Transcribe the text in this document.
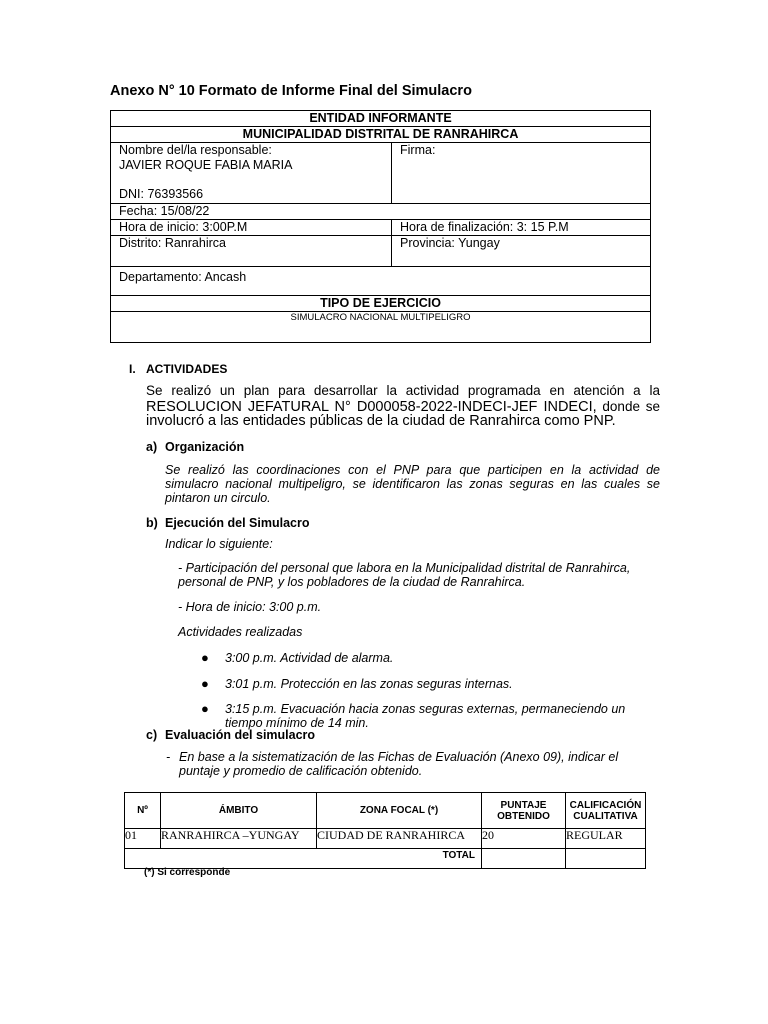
Anexo N° 10 Formato de Informe Final del Simulacro
ENTIDAD INFORMANTE	
MUNICIPALIDAD DISTRITAL DE RANRAHIRCA	

Nombre del/la responsable:
JAVIER ROQUE FABIA MARIA
DNI: 76393566	Firma:
Fecha: 15/08/22	
Hora de inicio: 3:00P.M	Hora de finalización: 3: 15 P.M
Distrito: Ranrahirca	Provincia: Yungay
Departamento: Ancash	
TIPO DE EJERCICIO	
SIMULACRO NACIONAL MULTIPELIGRO	
I. ACTIVIDADES
Se realizó un plan para desarrollar la actividad programada en atención a la
RESOLUCION JEFATURAL N° D000058-2022-INDECI-JEF INDECI, donde se
involucró a las entidades públicas de la ciudad de Ranrahirca como PNP.
a) Organización
Se realizó las coordinaciones con el PNP para que participen en la actividad de simulacro nacional multipeligro, se identificaron las zonas seguras en las cuales se pintaron un circulo.
b) Ejecución del Simulacro
Indicar lo siguiente:
- Participación del personal que labora en la Municipalidad distrital de Ranrahirca, personal de PNP, y los pobladores de la ciudad de Ranrahirca.
- Hora de inicio: 3:00 p.m.
Actividades realizadas
● 3:00 p.m. Actividad de alarma.
● 3:01 p.m. Protección en las zonas seguras internas.
● 3:15 p.m. Evacuación hacia zonas seguras externas, permaneciendo un tiempo mínimo de 14 min.
c) Evaluación del simulacro
- En base a la sistematización de las Fichas de Evaluación (Anexo 09), indicar el puntaje y promedio de calificación obtenido.
Nº	ÁMBITO	ZONA FOCAL (*)	PUNTAJE OBTENIDO	CALIFICACIÓN CUALITATIVA
01	RANRAHIRCA –YUNGAY	CIUDAD DE RANRAHIRCA	20	REGULAR
TOTAL				
(*) Si corresponde
